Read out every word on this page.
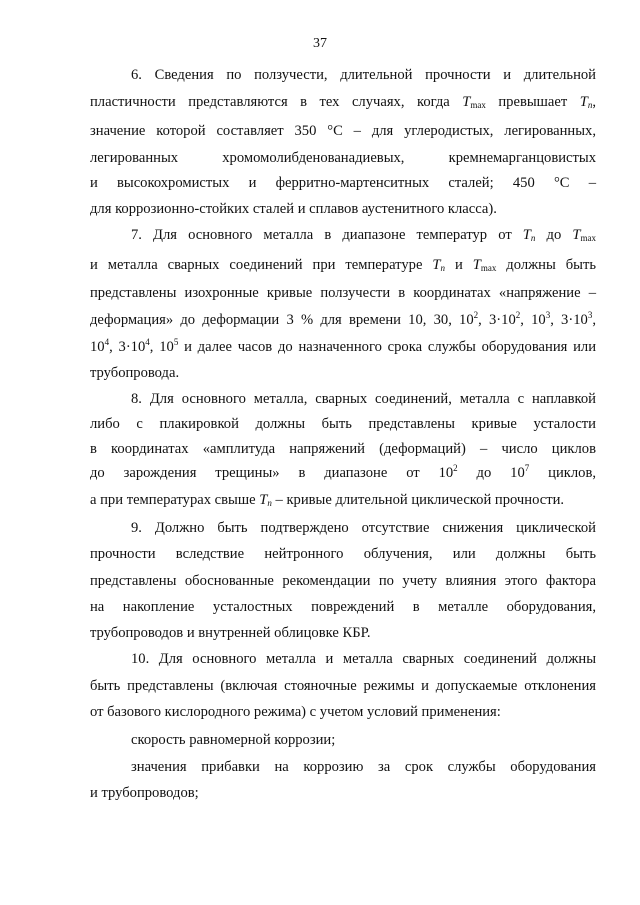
37
6. Сведения по ползучести, длительной прочности и длительной
пластичности представляются в тех случаях, когда $T_{max}$ превышает $T_п$,
значение которой составляет 350 °C – для углеродистых, легированных,
легированных хромомолибденованадиевых, кремнемарганцовистых
и высокохромистых и ферритно-мартенситных сталей; 450 °C –
для коррозионно-стойких сталей и сплавов аустенитного класса).
7. Для основного металла в диапазоне температур от $T_п$ до $T_{max}$
и металла сварных соединений при температуре $T_п$ и $T_{max}$ должны быть
представлены изохронные кривые ползучести в координатах «напряжение –
деформация» до деформации 3 % для времени 10, 30, $10^2$, $3\cdot 10^2$, $10^3$, $3\cdot 10^3$,
$10^4$, $3\cdot 10^4$, $10^5$ и далее часов до назначенного срока службы оборудования или
трубопровода.
8. Для основного металла, сварных соединений, металла с наплавкой
либо с плакировкой должны быть представлены кривые усталости
в координатах «амплитуда напряжений (деформаций) – число циклов
до зарождения трещины» в диапазоне от $10^2$ до $10^7$ циклов,
а при температурах свыше $T_п$ – кривые длительной циклической прочности.
9. Должно быть подтверждено отсутствие снижения циклической
прочности вследствие нейтронного облучения, или должны быть
представлены обоснованные рекомендации по учету влияния этого фактора
на накопление усталостных повреждений в металле оборудования,
трубопроводов и внутренней облицовке КБР.
10. Для основного металла и металла сварных соединений должны
быть представлены (включая стояночные режимы и допускаемые отклонения
от базового кислородного режима) с учетом условий применения:
скорость равномерной коррозии;
значения прибавки на коррозию за срок службы оборудования
и трубопроводов;
